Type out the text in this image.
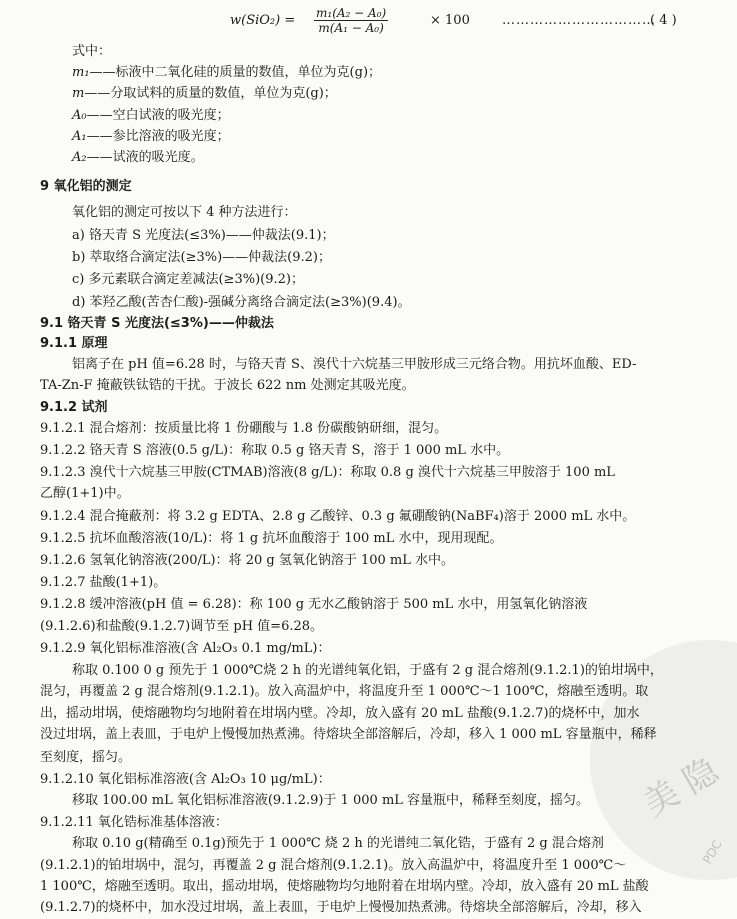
美 隐
PDC
$w(SiO_2) = \frac{\text{m₁(A₂ − A₀)}}{\text{m(A₁ − A₀)}}$	× 100 ……………………………
( 4 )
式中：
m₁——标液中二氧化硅的质量的数值，单位为克(g)；
m——分取试料的质量的数值，单位为克(g)；
A₀——空白试液的吸光度；
A₁——参比溶液的吸光度；
A₂——试液的吸光度。
9 氧化铝的测定
氧化铝的测定可按以下 4 种方法进行：
a) 铬天青 S 光度法(≤3%)——仲裁法(9.1)；
b) 萃取络合滴定法(≥3%)——仲裁法(9.2)；
c) 多元素联合滴定差减法(≥3%)(9.2)；
d) 苯羟乙酸(苦杏仁酸)-强碱分离络合滴定法(≥3%)(9.4)。
9.1 铬天青 S 光度法(≤3%)——仲裁法
9.1.1 原理
铝离子在 pH 值=6.28 时，与铬天青 S、溴代十六烷基三甲胺形成三元络合物。用抗坏血酸、ED-
TA-Zn-F 掩蔽铁钛锆的干扰。于波长 622 nm 处测定其吸光度。
9.1.2 试剂
9.1.2.1 混合熔剂：按质量比将 1 份硼酸与 1.8 份碳酸钠研细，混匀。
9.1.2.2 铬天青 S 溶液(0.5 g/L)：称取 0.5 g 铬天青 S，溶于 1 000 mL 水中。
9.1.2.3 溴代十六烷基三甲胺(CTMAB)溶液(8 g/L)：称取 0.8 g 溴代十六烷基三甲胺溶于 100 mL
乙醇(1+1)中。
9.1.2.4 混合掩蔽剂：将 3.2 g EDTA、2.8 g 乙酸锌、0.3 g 氟硼酸钠(NaBF₄)溶于 2000 mL 水中。
9.1.2.5 抗坏血酸溶液(10/L)：将 1 g 抗坏血酸溶于 100 mL 水中，现用现配。
9.1.2.6 氢氧化钠溶液(200/L)：将 20 g 氢氧化钠溶于 100 mL 水中。
9.1.2.7 盐酸(1+1)。
9.1.2.8 缓冲溶液(pH 值 = 6.28)：称 100 g 无水乙酸钠溶于 500 mL 水中，用氢氧化钠溶液
(9.1.2.6)和盐酸(9.1.2.7)调节至 pH 值=6.28。
9.1.2.9 氧化铝标准溶液(含 Al₂O₃ 0.1 mg/mL)：
称取 0.100 0 g 预先于 1 000℃烧 2 h 的光谱纯氧化铝，于盛有 2 g 混合熔剂(9.1.2.1)的铂坩埚中，
混匀，再覆盖 2 g 混合熔剂(9.1.2.1)。放入高温炉中，将温度升至 1 000℃～1 100℃，熔融至透明。取
出，摇动坩埚，使熔融物均匀地附着在坩埚内壁。冷却，放入盛有 20 mL 盐酸(9.1.2.7)的烧杯中，加水
没过坩埚，盖上表皿，于电炉上慢慢加热煮沸。待熔块全部溶解后，冷却，移入 1 000 mL 容量瓶中，稀释
至刻度，摇匀。
9.1.2.10 氧化铝标准溶液(含 Al₂O₃ 10 μg/mL)：
移取 100.00 mL 氧化铝标准溶液(9.1.2.9)于 1 000 mL 容量瓶中，稀释至刻度，摇匀。
9.1.2.11 氧化锆标准基体溶液：
称取 0.10 g(精确至 0.1g)预先于 1 000℃ 烧 2 h 的光谱纯二氧化锆，于盛有 2 g 混合熔剂
(9.1.2.1)的铂坩埚中，混匀，再覆盖 2 g 混合熔剂(9.1.2.1)。放入高温炉中，将温度升至 1 000℃～
1 100℃，熔融至透明。取出，摇动坩埚，使熔融物均匀地附着在坩埚内壁。冷却，放入盛有 20 mL 盐酸
(9.1.2.7)的烧杯中，加水没过坩埚，盖上表皿，于电炉上慢慢加热煮沸。待熔块全部溶解后，冷却，移入
